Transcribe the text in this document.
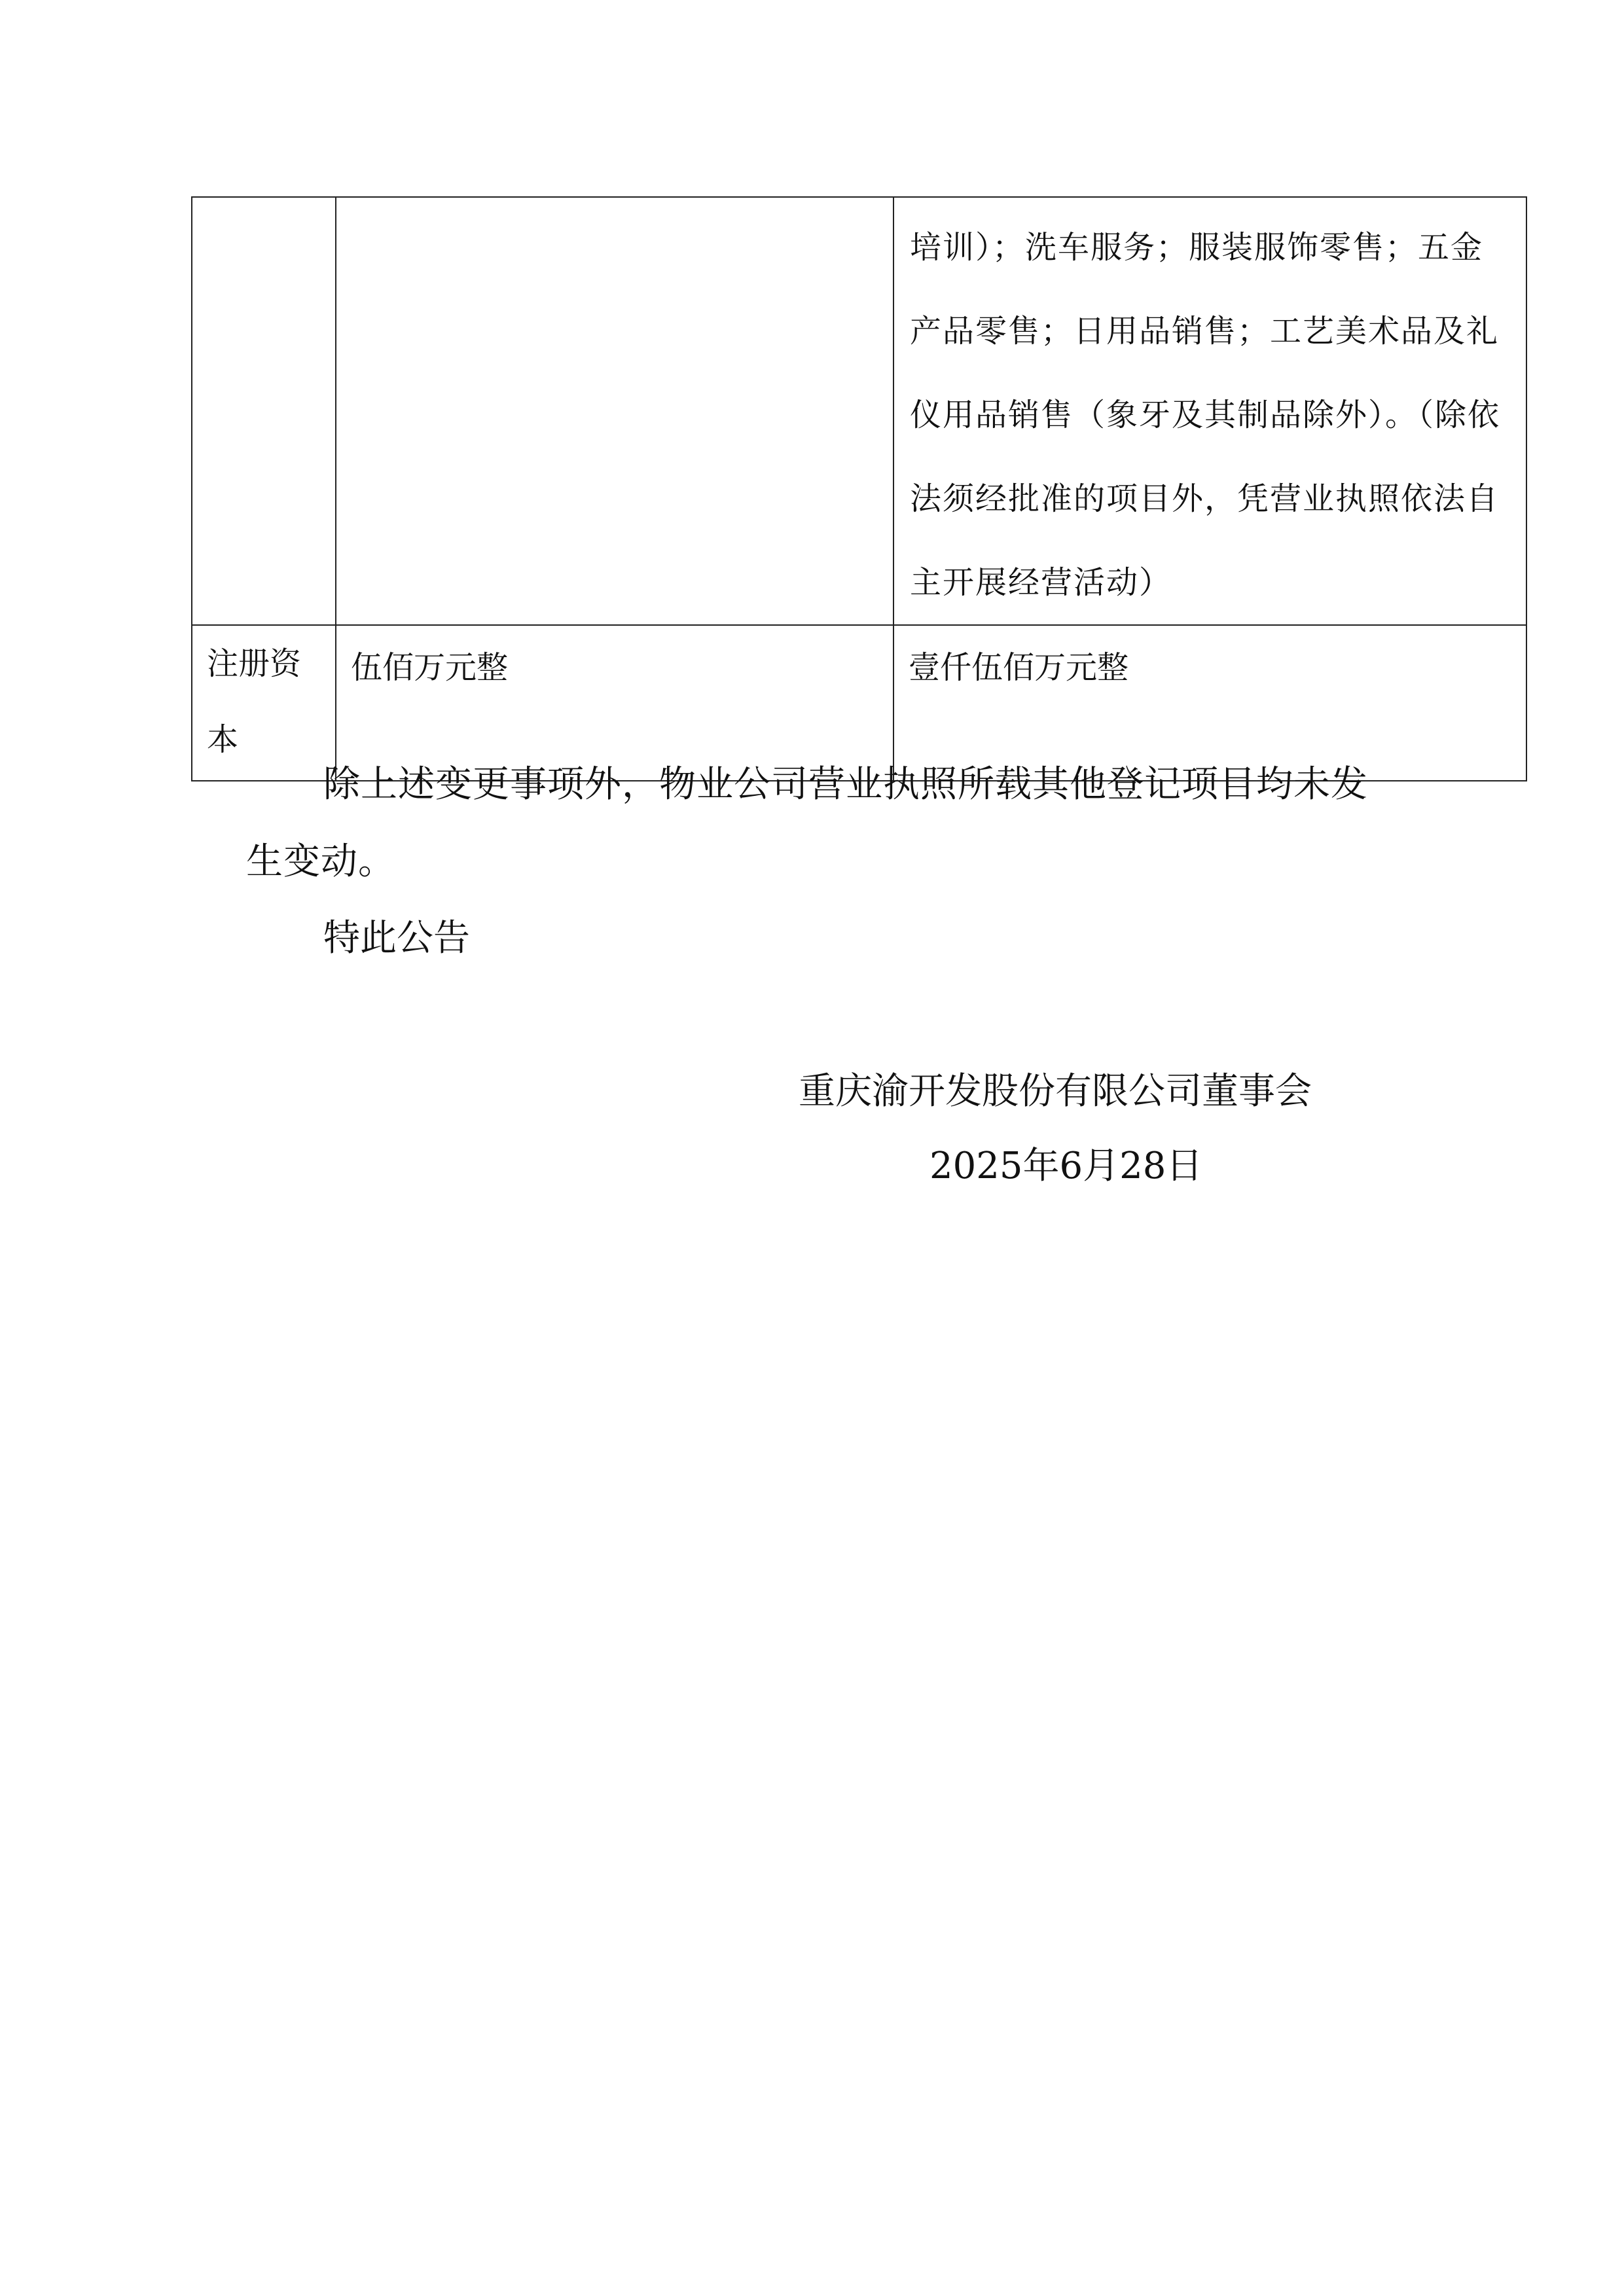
		培训）；洗车服务；服装服饰零售；五金产品零售；日用品销售；工艺美术品及礼仪用品销售（象牙及其制品除外）。（除依法须经批准的项目外，凭营业执照依法自主开展经营活动）
注册资本	伍佰万元整	壹仟伍佰万元整

除上述变更事项外，物业公司营业执照所载其他登记项目均未发生变动。

特此公告

重庆渝开发股份有限公司董事会

2025年6月28日
